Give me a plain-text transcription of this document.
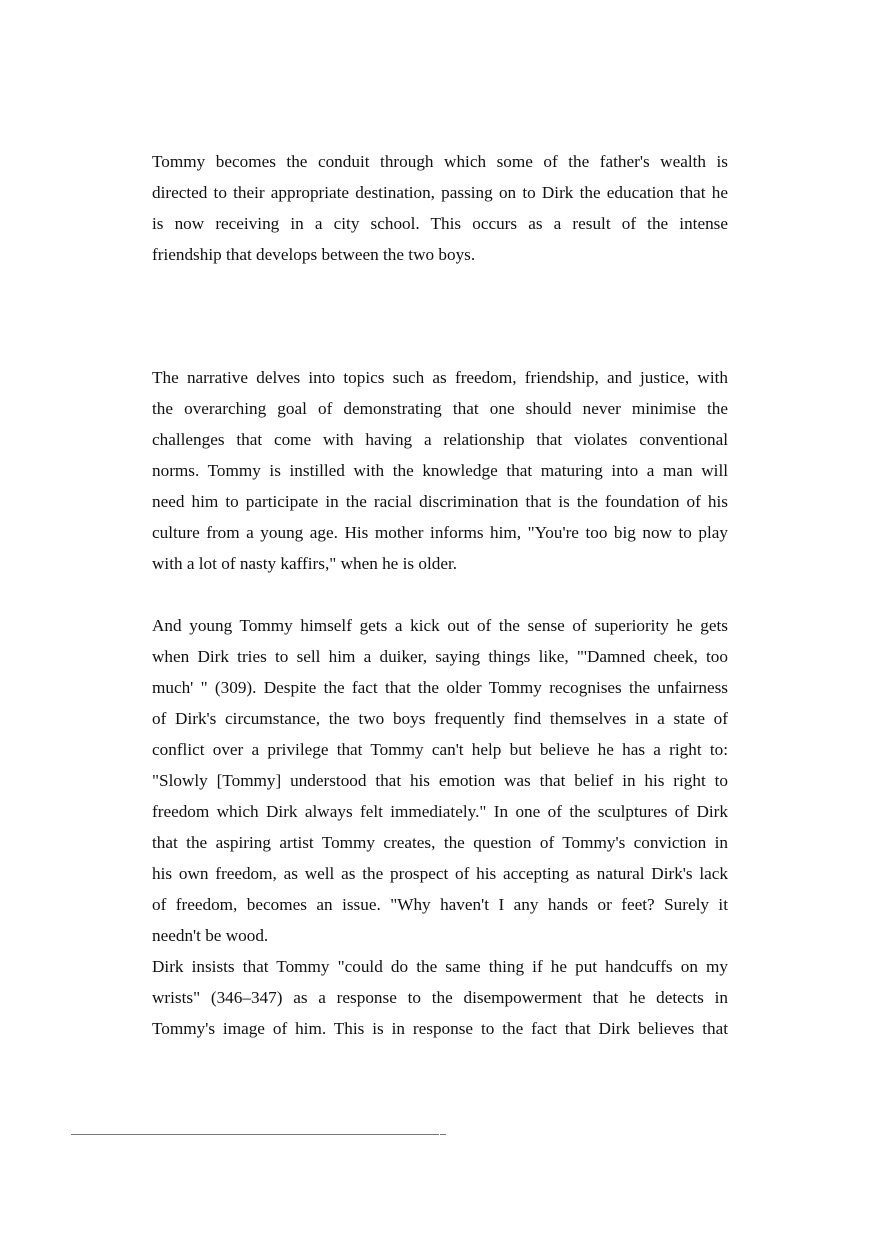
Tommy becomes the conduit through which some of the father's wealth is
directed to their appropriate destination, passing on to Dirk the education that he
is now receiving in a city school. This occurs as a result of the intense
friendship that develops between the two boys.
The narrative delves into topics such as freedom, friendship, and justice, with
the overarching goal of demonstrating that one should never minimise the
challenges that come with having a relationship that violates conventional
norms. Tommy is instilled with the knowledge that maturing into a man will
need him to participate in the racial discrimination that is the foundation of his
culture from a young age. His mother informs him, "You're too big now to play
with a lot of nasty kaffirs," when he is older.
And young Tommy himself gets a kick out of the sense of superiority he gets
when Dirk tries to sell him a duiker, saying things like, "'Damned cheek, too
much' " (309). Despite the fact that the older Tommy recognises the unfairness
of Dirk's circumstance, the two boys frequently find themselves in a state of
conflict over a privilege that Tommy can't help but believe he has a right to:
"Slowly [Tommy] understood that his emotion was that belief in his right to
freedom which Dirk always felt immediately." In one of the sculptures of Dirk
that the aspiring artist Tommy creates, the question of Tommy's conviction in
his own freedom, as well as the prospect of his accepting as natural Dirk's lack
of freedom, becomes an issue. "Why haven't I any hands or feet? Surely it
needn't be wood.
Dirk insists that Tommy "could do the same thing if he put handcuffs on my
wrists" (346–347) as a response to the disempowerment that he detects in
Tommy's image of him. This is in response to the fact that Dirk believes that
